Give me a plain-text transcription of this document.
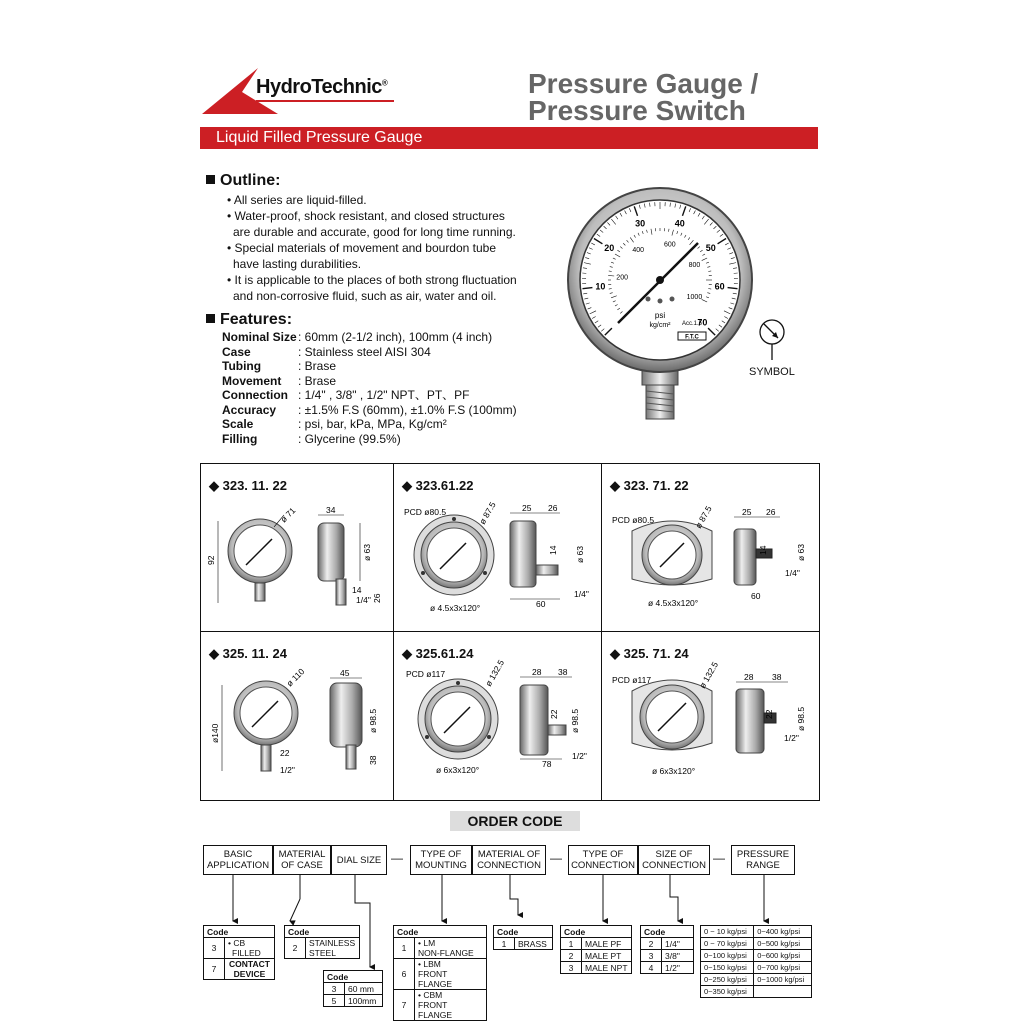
HydroTechnic®	Pressure Gauge /
Pressure Switch
Liquid Filled Pressure Gauge
Outline:
• All series are liquid-filled.
• Water-proof, shock resistant, and closed structures
are durable and accurate, good for long time running.
• Special materials of movement and bourdon tube
have lasting durabilities.
• It is applicable to the places of both strong fluctuation
and non-corrosive fluid, such as air, water and oil.
Features:
Nominal Size: 60mm (2-1/2 inch), 100mm (4 inch)
Case	: Stainless steel AISI 304
Tubing	: Brase
Movement : Brase
Connection : 1/4" , 3/8" , 1/2" NPT、PT、PF
Accuracy : ±1.5% F.S (60mm), ±1.0% F.S (100mm)
Scale	: psi, bar, kPa, MPa, Kg/cm²
Filling	: Glycerine (99.5%)
10
20
30	40
50
60
70
200
400
600
800
1000
psi
kg/cm² Acc.1.5
F.T.C
SYMBOL
◆ 323. 11. 22	◆ 323.61.22	◆ 323. 71. 22
◆ 325. 11. 24	◆ 325.61.24	◆ 325. 71. 24
92
ø 71	34
ø 63
14
26
1/4"
PCD ø80.5	ø 87.5
ø 4.5x3x120°
25 26
ø 63
14
60
1/4"
PCD ø80.5	ø 87.5
ø 4.5x3x120°
25 26
ø 63
14
60
1/4"
ø140
ø 110
22
1/2"
45
ø 98.5
38
PCD ø117	ø 132.5
ø 6x3x120°
28 38
ø 98.5
22
78
1/2"
PCD ø117	ø 132.5
ø 6x3x120°
28 38
ø 98.5
22
1/2"
ORDER CODE
BASIC
APPLICATION
MATERIAL
OF CASE DIAL SIZE —	TYPE OF
MOUNTING
MATERIAL OF
CONNECTION
—	TYPE OF
CONNECTION
SIZE OF
CONNECTION
— PRESSURE
RANGE
Code	
3	• CB
FILLED

7	CONTACT
DEVICE
Code
2	STAINLESS
STEEL
Code	
3	60 mm
5	100mm
Code	
1	• LM
NON-FLANGE

6	• LBM
FRONT FLANGE

7	• CBM
FRONT FLANGE
Code
1	BRASS
Code	
1	MALE PF
2	MALE PT
3	MALE NPT
Code	
2	1/4"
3	3/8"
4	1/2"
0 ~ 10 kg/psi	0~400 kg/psi
0 ~ 70 kg/psi	0~500 kg/psi
0~100 kg/psi	0~600 kg/psi
0~150 kg/psi	0~700 kg/psi
0~250 kg/psi	0~1000 kg/psi
0~350 kg/psi	
